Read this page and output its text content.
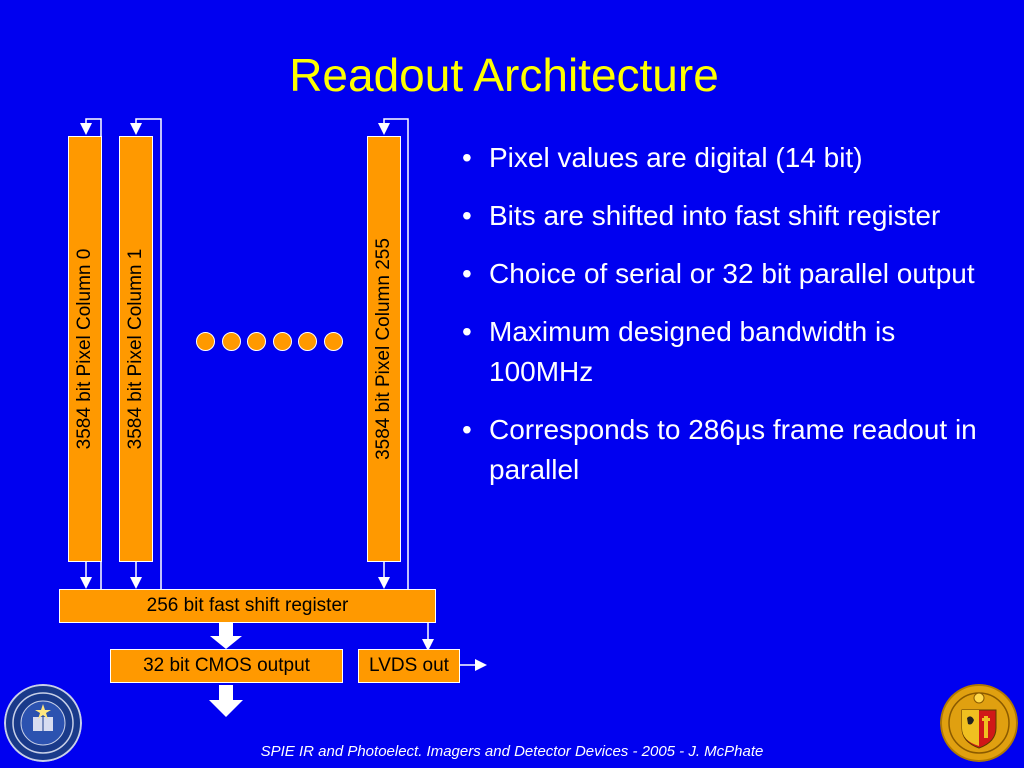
Readout Architecture
• Pixel values are digital (14 bit)
• Bits are shifted into fast shift register
• Choice of serial or 32 bit parallel output
• Maximum designed bandwidth is 100MHz
• Corresponds to 286µs frame readout in parallel
3584 bit Pixel Column 0 3584 bit Pixel Column 1	3584 bit Pixel Column 255
256 bit fast shift register
32 bit CMOS output	LVDS out
SPIE IR and Photoelect. Imagers and Detector Devices - 2005 - J. McPhate
